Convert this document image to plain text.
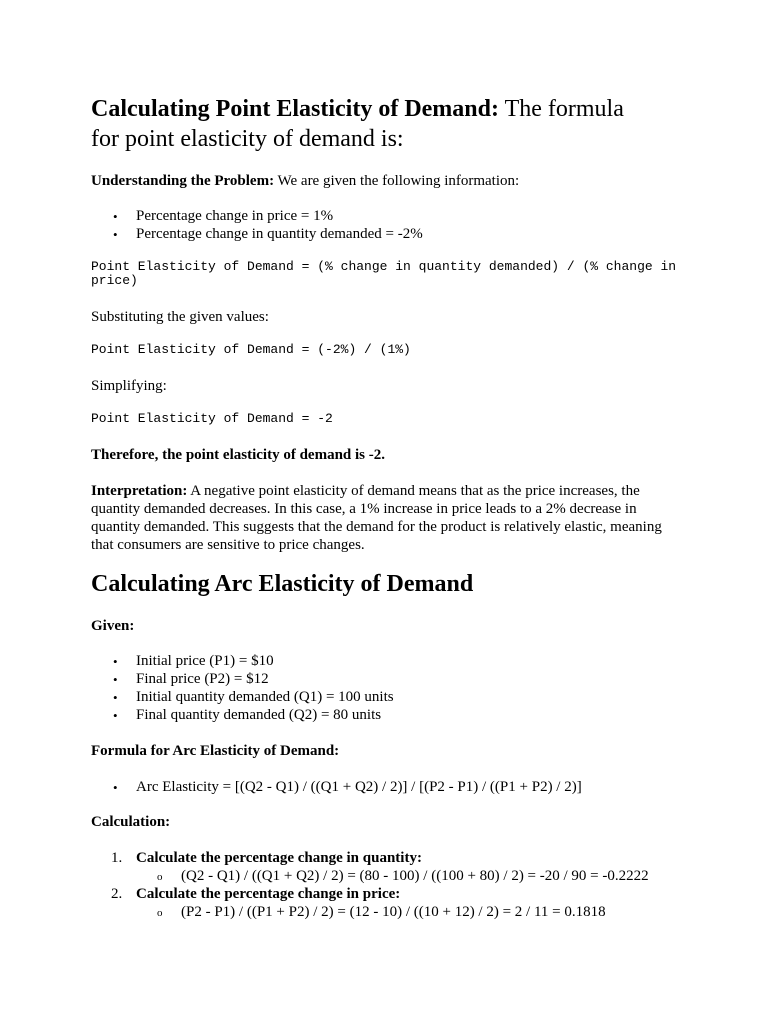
Calculating Point Elasticity of Demand: The formula
for point elasticity of demand is:
Understanding the Problem: We are given the following information:
• Percentage change in price = 1%
• Percentage change in quantity demanded = -2%
Point Elasticity of Demand = (% change in quantity demanded) / (% change in
price)
Substituting the given values:
Point Elasticity of Demand = (-2%) / (1%)
Simplifying:
Point Elasticity of Demand = -2
Therefore, the point elasticity of demand is -2.
Interpretation: A negative point elasticity of demand means that as the price increases, the
quantity demanded decreases. In this case, a 1% increase in price leads to a 2% decrease in
quantity demanded. This suggests that the demand for the product is relatively elastic, meaning
that consumers are sensitive to price changes.
Calculating Arc Elasticity of Demand
Given:
• Initial price (P1) = $10
• Final price (P2) = $12
• Initial quantity demanded (Q1) = 100 units
• Final quantity demanded (Q2) = 80 units
Formula for Arc Elasticity of Demand:
• Arc Elasticity = [(Q2 - Q1) / ((Q1 + Q2) / 2)] / [(P2 - P1) / ((P1 + P2) / 2)]
Calculation:
1. Calculate the percentage change in quantity:
o (Q2 - Q1) / ((Q1 + Q2) / 2) = (80 - 100) / ((100 + 80) / 2) = -20 / 90 = -0.2222
2. Calculate the percentage change in price:
o (P2 - P1) / ((P1 + P2) / 2) = (12 - 10) / ((10 + 12) / 2) = 2 / 11 = 0.1818
